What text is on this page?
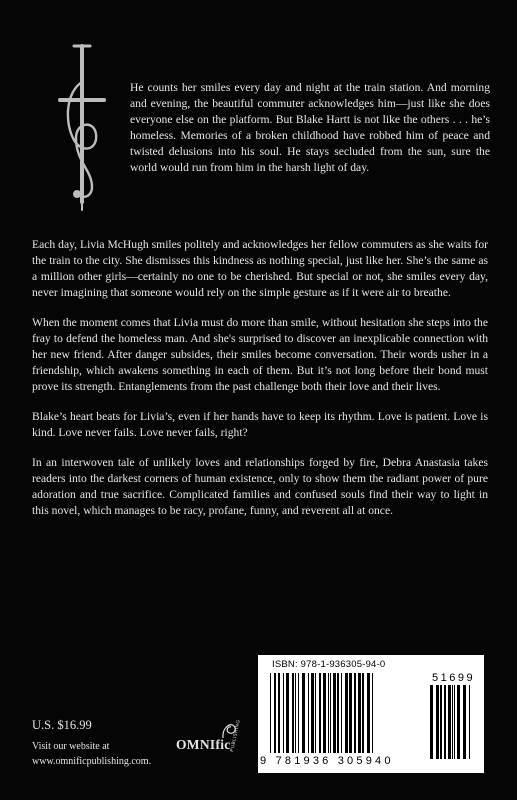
He counts her smiles every day and night at the train station. And morning and evening, the beautiful commuter acknowledges him—just like she does everyone else on the platform. But Blake Hartt is not like the others . . . he’s homeless. Memories of a broken childhood have robbed him of peace and twisted delusions into his soul. He stays secluded from the sun, sure the world would run from him in the harsh light of day.

Each day, Livia McHugh smiles politely and acknowledges her fellow commuters as she waits for the train to the city. She dismisses this kindness as nothing special, just like her. She’s the same as a million other girls—certainly no one to be cherished. But special or not, she smiles every day, never imagining that someone would rely on the simple gesture as if it were air to breathe.

When the moment comes that Livia must do more than smile, without hesitation she steps into the fray to defend the homeless man. And she's surprised to discover an inexplicable connection with her new friend. After danger subsides, their smiles become conversation. Their words usher in a friendship, which awakens something in each of them. But it’s not long before their bond must prove its strength. Entanglements from the past challenge both their love and their lives.

Blake’s heart beats for Livia’s, even if her hands have to keep its rhythm. Love is patient. Love is kind. Love never fails. Love never fails, right?

In an interwoven tale of unlikely loves and relationships forged by fire, Debra Anastasia takes readers into the darkest corners of human existence, only to show them the radiant power of pure adoration and true sacrifice. Complicated families and confused souls find their way to light in this novel, which manages to be racy, profane, funny, and reverent all at once.

U.S. $16.99

Visit our website at

www.omnificpublishing.com.

OMNIfic
PUBLISHING
ISBN: 978-1-936305-94-0
9 781936 305940
51699
